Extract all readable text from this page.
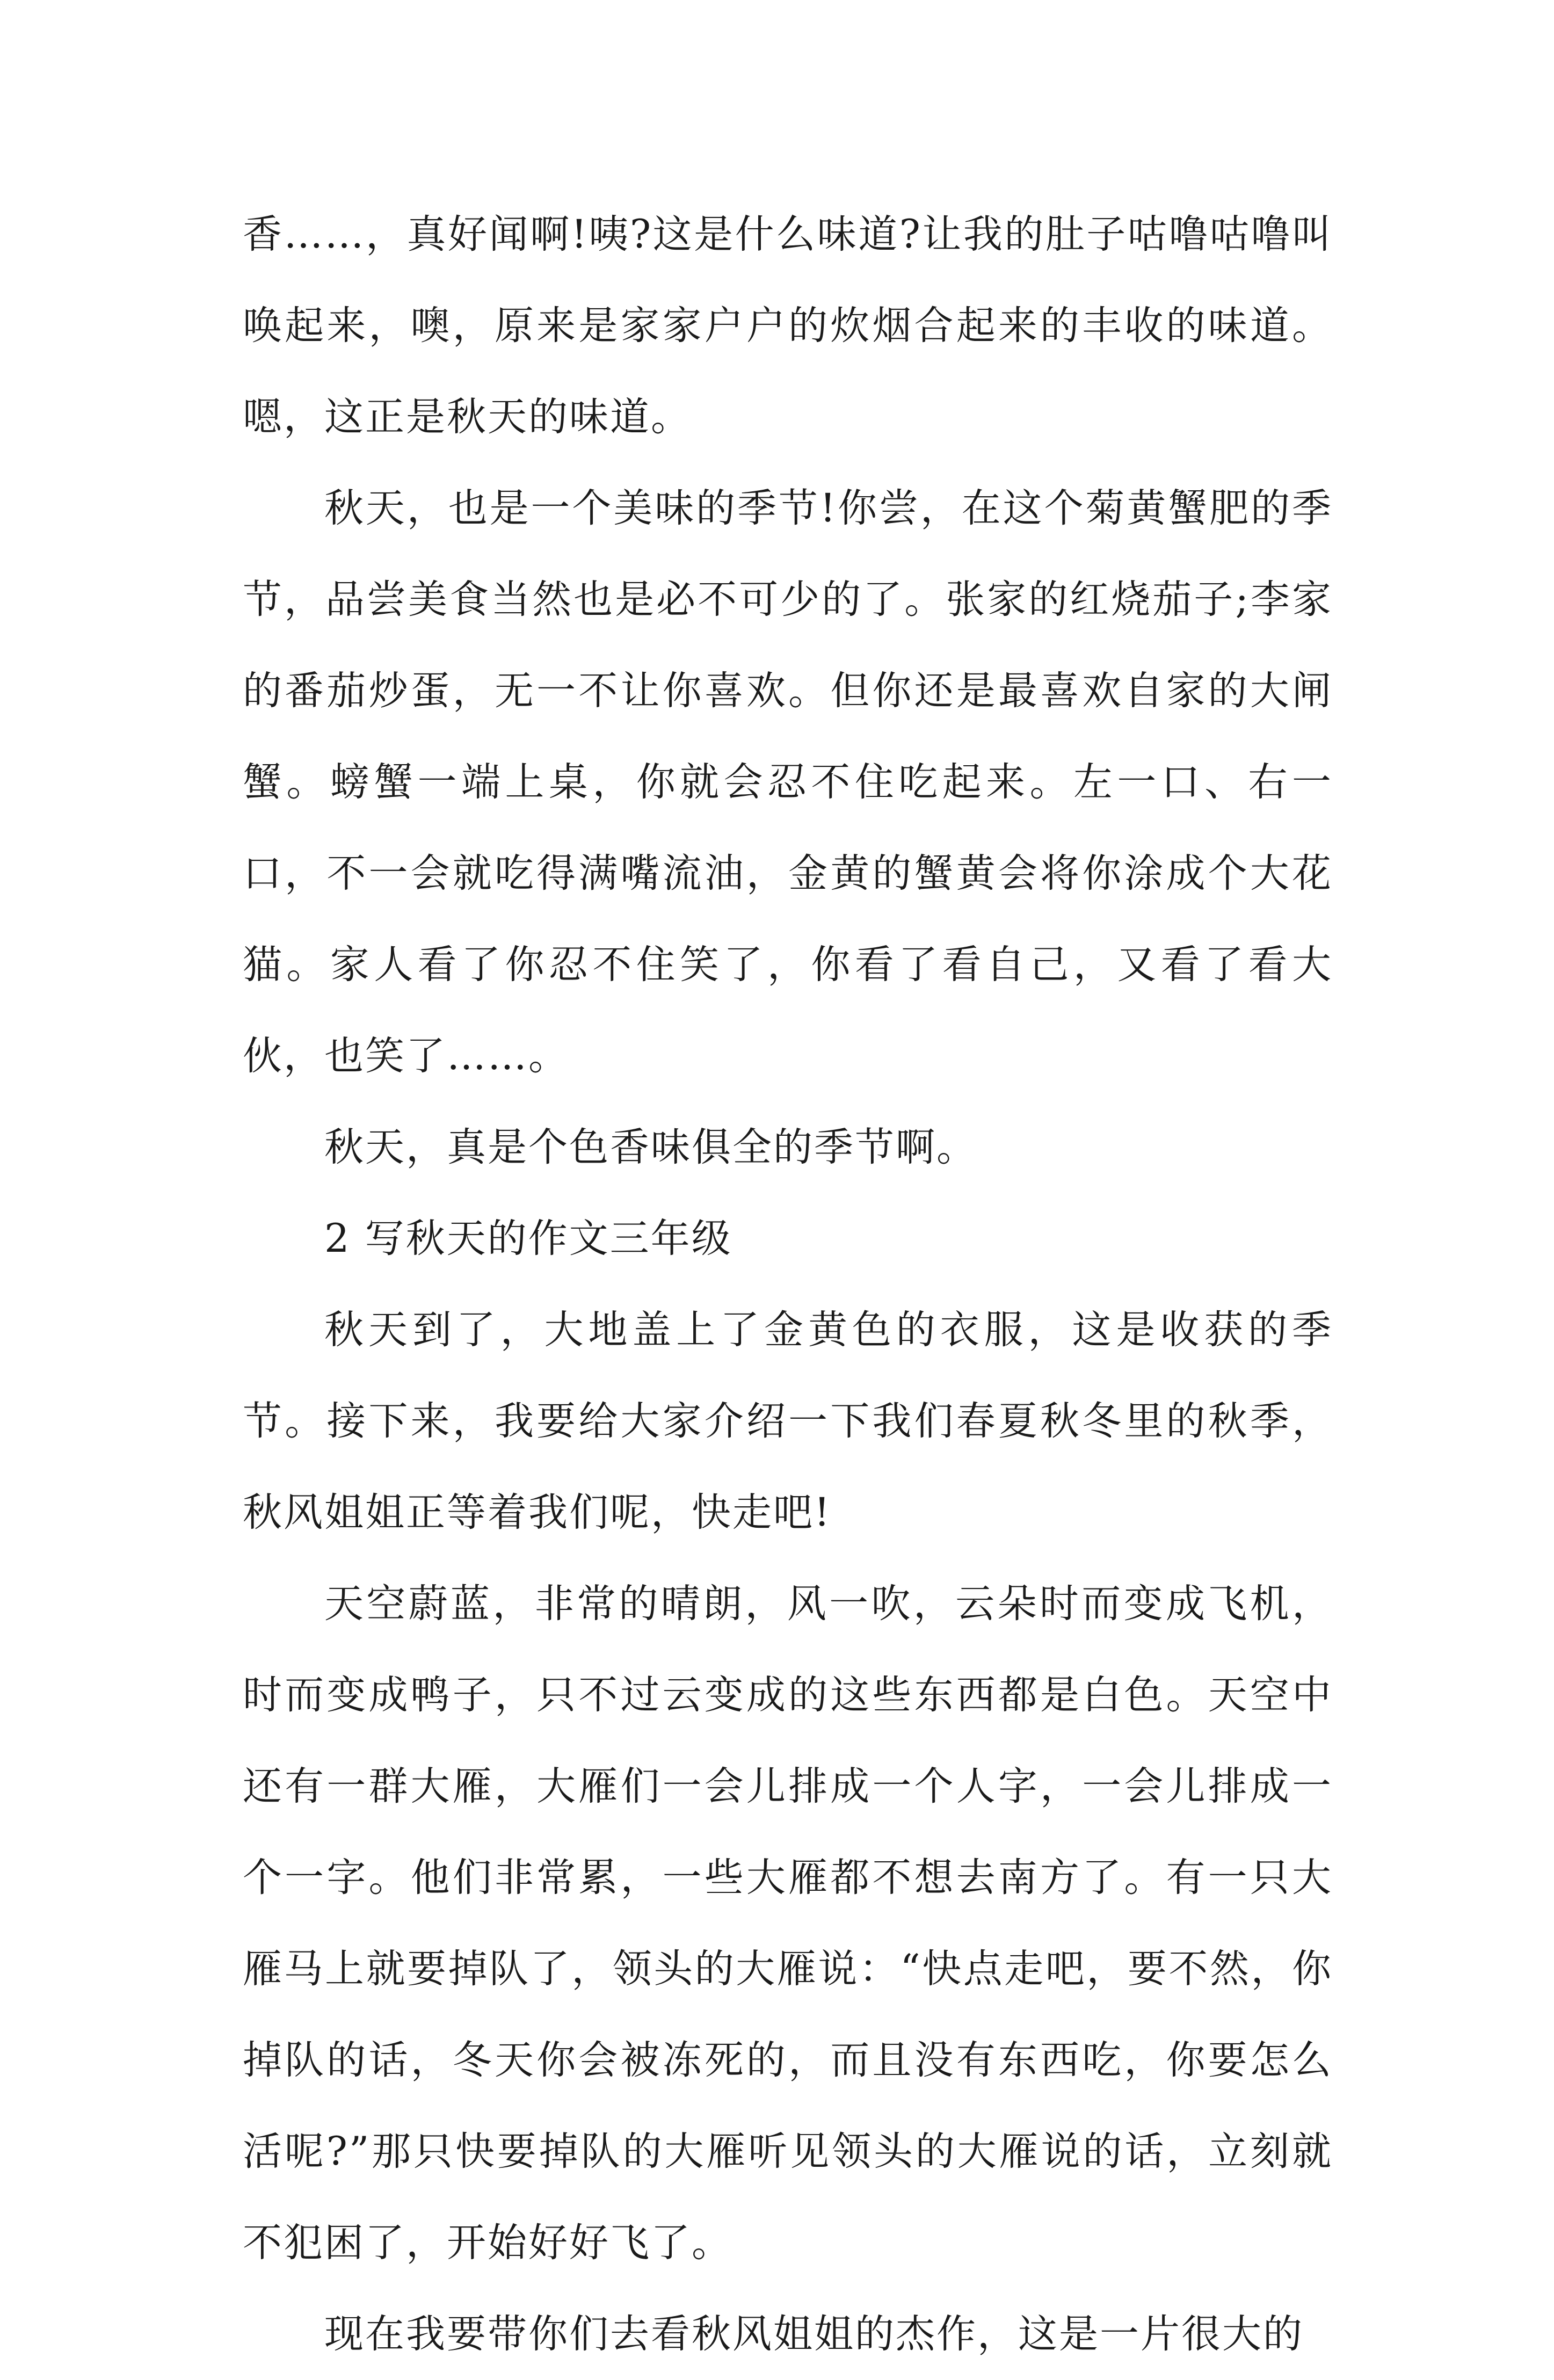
香……，真好闻啊!咦?这是什么味道?让我的肚子咕噜咕噜叫唤起来，噢，原来是家家户户的炊烟合起来的丰收的味道。嗯，这正是秋天的味道。

秋天，也是一个美味的季节!你尝，在这个菊黄蟹肥的季节，品尝美食当然也是必不可少的了。张家的红烧茄子;李家的番茄炒蛋，无一不让你喜欢。但你还是最喜欢自家的大闸蟹。螃蟹一端上桌，你就会忍不住吃起来。左一口、右一口，不一会就吃得满嘴流油，金黄的蟹黄会将你涂成个大花猫。家人看了你忍不住笑了，你看了看自己，又看了看大伙，也笑了……。

秋天，真是个色香味俱全的季节啊。

2 写秋天的作文三年级

秋天到了，大地盖上了金黄色的衣服，这是收获的季节。接下来，我要给大家介绍一下我们春夏秋冬里的秋季，秋风姐姐正等着我们呢，快走吧!

天空蔚蓝，非常的晴朗，风一吹，云朵时而变成飞机，时而变成鸭子，只不过云变成的这些东西都是白色。天空中还有一群大雁，大雁们一会儿排成一个人字，一会儿排成一个一字。他们非常累，一些大雁都不想去南方了。有一只大雁马上就要掉队了，领头的大雁说：“快点走吧，要不然，你掉队的话，冬天你会被冻死的，而且没有东西吃，你要怎么活呢?”那只快要掉队的大雁听见领头的大雁说的话，立刻就不犯困了，开始好好飞了。

现在我要带你们去看秋风姐姐的杰作，这是一片很大的
